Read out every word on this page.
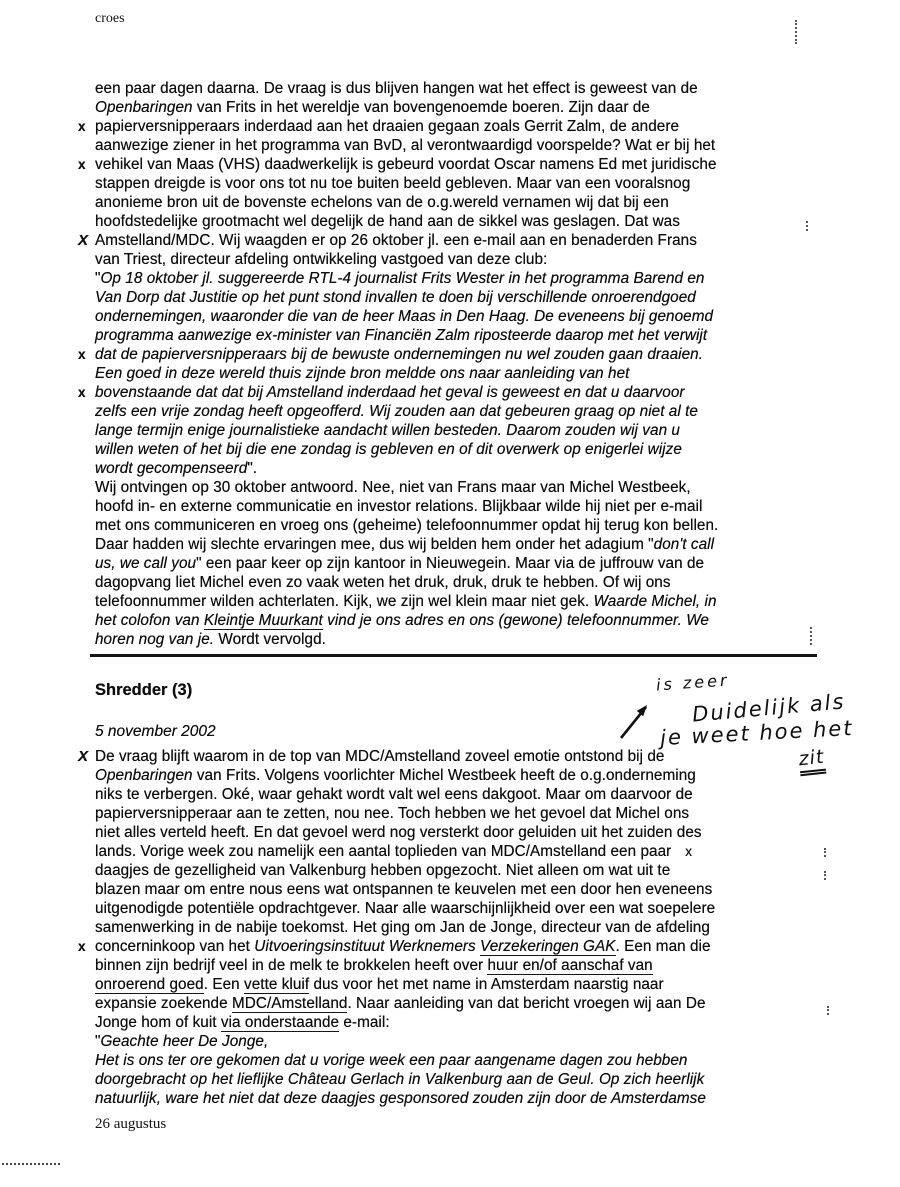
croes
een paar dagen daarna. De vraag is dus blijven hangen wat het effect is geweest van de
Openbaringen van Frits in het wereldje van bovengenoemde boeren. Zijn daar de
x papierversnipperaars inderdaad aan het draaien gegaan zoals Gerrit Zalm, de andere
aanwezige ziener in het programma van BvD, al verontwaardigd voorspelde? Wat er bij het
x vehikel van Maas (VHS) daadwerkelijk is gebeurd voordat Oscar namens Ed met juridische
stappen dreigde is voor ons tot nu toe buiten beeld gebleven. Maar van een vooralsnog
anonieme bron uit de bovenste echelons van de o.g.wereld vernamen wij dat bij een
hoofdstedelijke grootmacht wel degelijk de hand aan de sikkel was geslagen. Dat was
X Amstelland/MDC. Wij waagden er op 26 oktober jl. een e-mail aan en benaderden Frans
van Triest, directeur afdeling ontwikkeling vastgoed van deze club:
"Op 18 oktober jl. suggereerde RTL-4 journalist Frits Wester in het programma Barend en
Van Dorp dat Justitie op het punt stond invallen te doen bij verschillende onroerendgoed
ondernemingen, waaronder die van de heer Maas in Den Haag. De eveneens bij genoemd
programma aanwezige ex-minister van Financiën Zalm riposteerde daarop met het verwijt
x dat de papierversnipperaars bij de bewuste ondernemingen nu wel zouden gaan draaien.
Een goed in deze wereld thuis zijnde bron meldde ons naar aanleiding van het
x bovenstaande dat dat bij Amstelland inderdaad het geval is geweest en dat u daarvoor
zelfs een vrije zondag heeft opgeofferd. Wij zouden aan dat gebeuren graag op niet al te
lange termijn enige journalistieke aandacht willen besteden. Daarom zouden wij van u
willen weten of het bij die ene zondag is gebleven en of dit overwerk op enigerlei wijze
wordt gecompenseerd".
Wij ontvingen op 30 oktober antwoord. Nee, niet van Frans maar van Michel Westbeek,
hoofd in- en externe communicatie en investor relations. Blijkbaar wilde hij niet per e-mail
met ons communiceren en vroeg ons (geheime) telefoonnummer opdat hij terug kon bellen.
Daar hadden wij slechte ervaringen mee, dus wij belden hem onder het adagium "don't call
us, we call you" een paar keer op zijn kantoor in Nieuwegein. Maar via de juffrouw van de
dagopvang liet Michel even zo vaak weten het druk, druk, druk te hebben. Of wij ons
telefoonnummer wilden achterlaten. Kijk, we zijn wel klein maar niet gek. Waarde Michel, in
het colofon van Kleintje Muurkant vind je ons adres en ons (gewone) telefoonnummer. We
horen nog van je. Wordt vervolgd.
Shredder (3)
5 november 2002
is zeer
Duidelijk als
je weet hoe het
zit
X De vraag blijft waarom in de top van MDC/Amstelland zoveel emotie ontstond bij de
Openbaringen van Frits. Volgens voorlichter Michel Westbeek heeft de o.g.onderneming
niks te verbergen. Oké, waar gehakt wordt valt wel eens dakgoot. Maar om daarvoor de
papierversnipperaar aan te zetten, nou nee. Toch hebben we het gevoel dat Michel ons
niet alles verteld heeft. En dat gevoel werd nog versterkt door geluiden uit het zuiden des
lands. Vorige week zou namelijk een aantal toplieden van MDC/Amstelland een paar x
daagjes de gezelligheid van Valkenburg hebben opgezocht. Niet alleen om wat uit te
blazen maar om entre nous eens wat ontspannen te keuvelen met een door hen eveneens
uitgenodigde potentiële opdrachtgever. Naar alle waarschijnlijkheid over een wat soepelere
samenwerking in de nabije toekomst. Het ging om Jan de Jonge, directeur van de afdeling
x concerninkoop van het Uitvoeringsinstituut Werknemers Verzekeringen GAK. Een man die
binnen zijn bedrijf veel in de melk te brokkelen heeft over huur en/of aanschaf van
onroerend goed. Een vette kluif dus voor het met name in Amsterdam naarstig naar
expansie zoekende MDC/Amstelland. Naar aanleiding van dat bericht vroegen wij aan De
Jonge hom of kuit via onderstaande e-mail:
"Geachte heer De Jonge,
Het is ons ter ore gekomen dat u vorige week een paar aangename dagen zou hebben
doorgebracht op het lieflijke Château Gerlach in Valkenburg aan de Geul. Op zich heerlijk
natuurlijk, ware het niet dat deze daagjes gesponsored zouden zijn door de Amsterdamse
26 augustus
